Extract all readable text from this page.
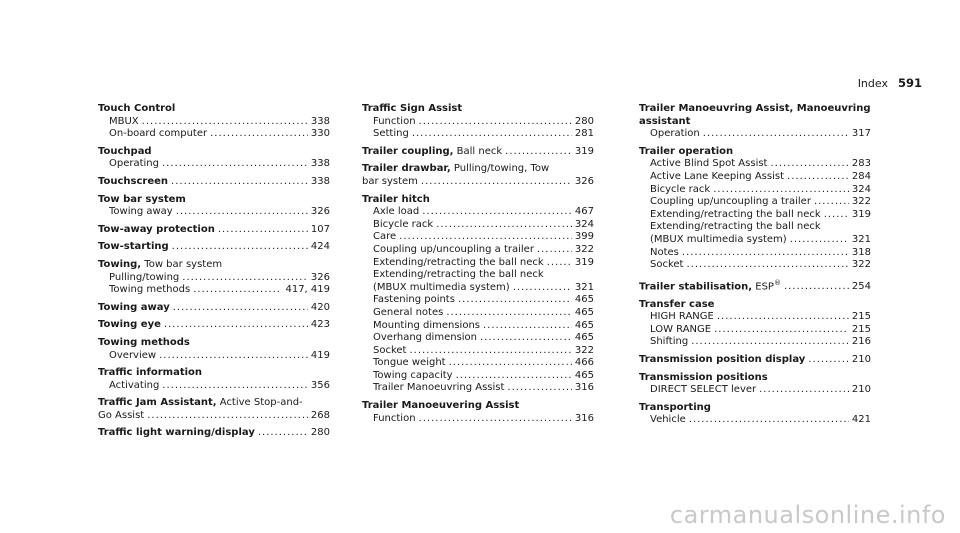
Index 591
Touch Control
MBUX .....	338
On-board computer .....	330
Touchpad
Operating .....	338
Touchscreen .....	338
Tow bar system
Towing away .....	326
Tow-away protection .....	107
Tow-starting .....	424
Towing, Tow bar system
Pulling/towing .....	326
Towing methods .....	417, 419
Towing away .....	420
Towing eye .....	423
Towing methods
Overview .....	419
Traffic information
Activating .....	356
Traffic Jam Assistant, Active Stop-and-
Go Assist .....	268
Traffic light warning/display .....	280
Traffic Sign Assist
Function .....	280
Setting .....	281
Trailer coupling, Ball neck .....	319
Trailer drawbar, Pulling/towing, Tow
bar system .....	326
Trailer hitch
Axle load .....	467
Bicycle rack .....	324
Care .....	399
Coupling up/uncoupling a trailer .....	322
Extending/retracting the ball neck .....	319
Extending/retracting the ball neck
(MBUX multimedia system) .....	321
Fastening points .....	465
General notes .....	465
Mounting dimensions .....	465
Overhang dimension .....	465
Socket .....	322
Tongue weight .....	466
Towing capacity .....	465
Trailer Manoeuvring Assist .....	316
Trailer Manoeuvering Assist
Function .....	316
Trailer Manoeuvring Assist, Manoeuvring
assistant
Operation .....	317
Trailer operation
Active Blind Spot Assist .....	283
Active Lane Keeping Assist .....	284
Bicycle rack .....	324
Coupling up/uncoupling a trailer .....	322
Extending/retracting the ball neck .....	319
Extending/retracting the ball neck
(MBUX multimedia system) .....	321
Notes .....	318
Socket .....	322
Trailer stabilisation, ESP® .....	254
Transfer case
HIGH RANGE .....	215
LOW RANGE .....	215
Shifting .....	216
Transmission position display .....	210
Transmission positions
DIRECT SELECT lever .....	210
Transporting
Vehicle .....	421
carmanualsonline.info
